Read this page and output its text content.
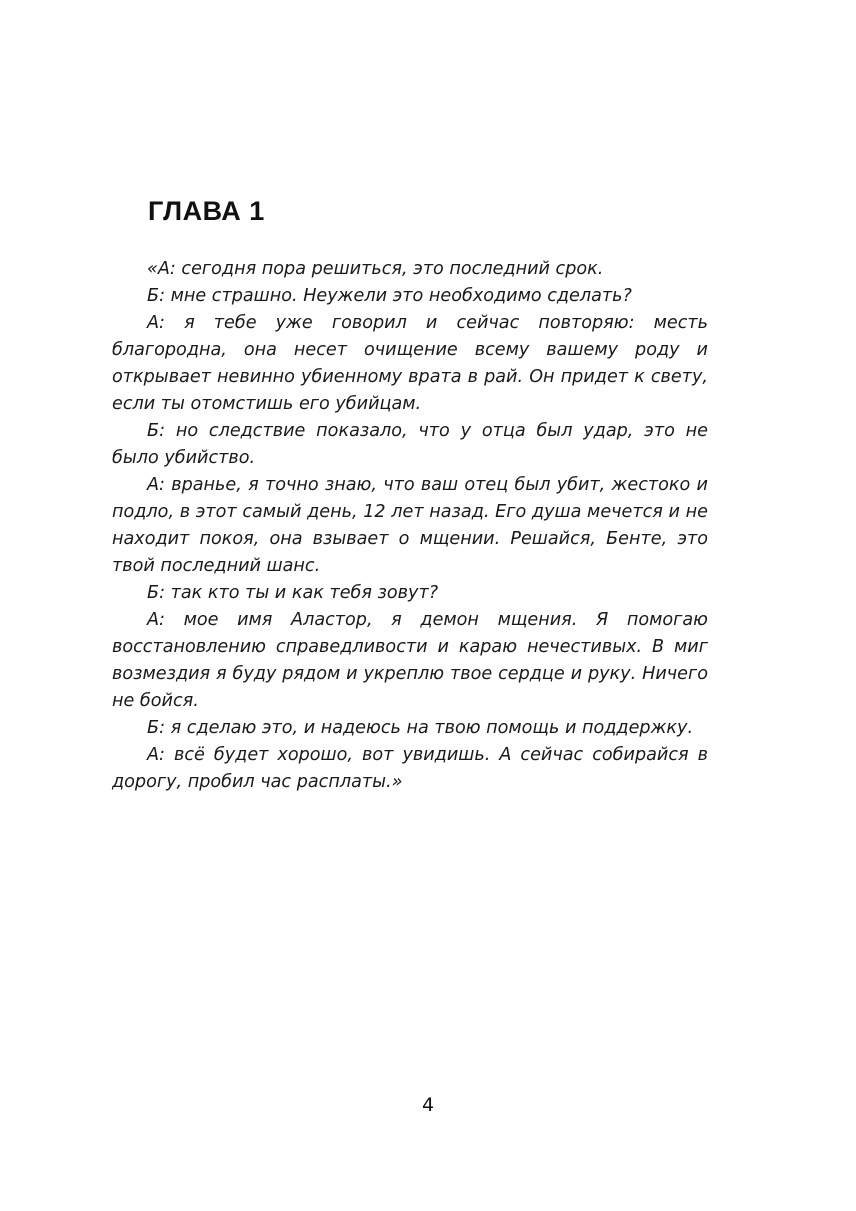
ГЛАВА 1

«А: сегодня пора решиться, это последний срок.

Б: мне страшно. Неужели это необходимо сделать?

А: я тебе уже говорил и сейчас повторяю: месть благородна, она несет очищение всему вашему роду и открывает невинно убиенному врата в рай. Он придет к свету, если ты отомстишь его убийцам.

Б: но следствие показало, что у отца был удар, это не было убийство.

А: вранье, я точно знаю, что ваш отец был убит, жестоко и подло, в этот самый день, 12 лет назад. Его душа мечется и не находит покоя, она взывает о мщении. Решайся, Бенте, это твой последний шанс.

Б: так кто ты и как тебя зовут?

А: мое имя Аластор, я демон мщения. Я помогаю восстановлению справедливости и караю нечестивых. В миг возмездия я буду рядом и укреплю твое сердце и руку. Ничего не бойся.

Б: я сделаю это, и надеюсь на твою помощь и поддержку.

А: всё будет хорошо, вот увидишь. А сейчас собирайся в дорогу, пробил час расплаты.»

4
